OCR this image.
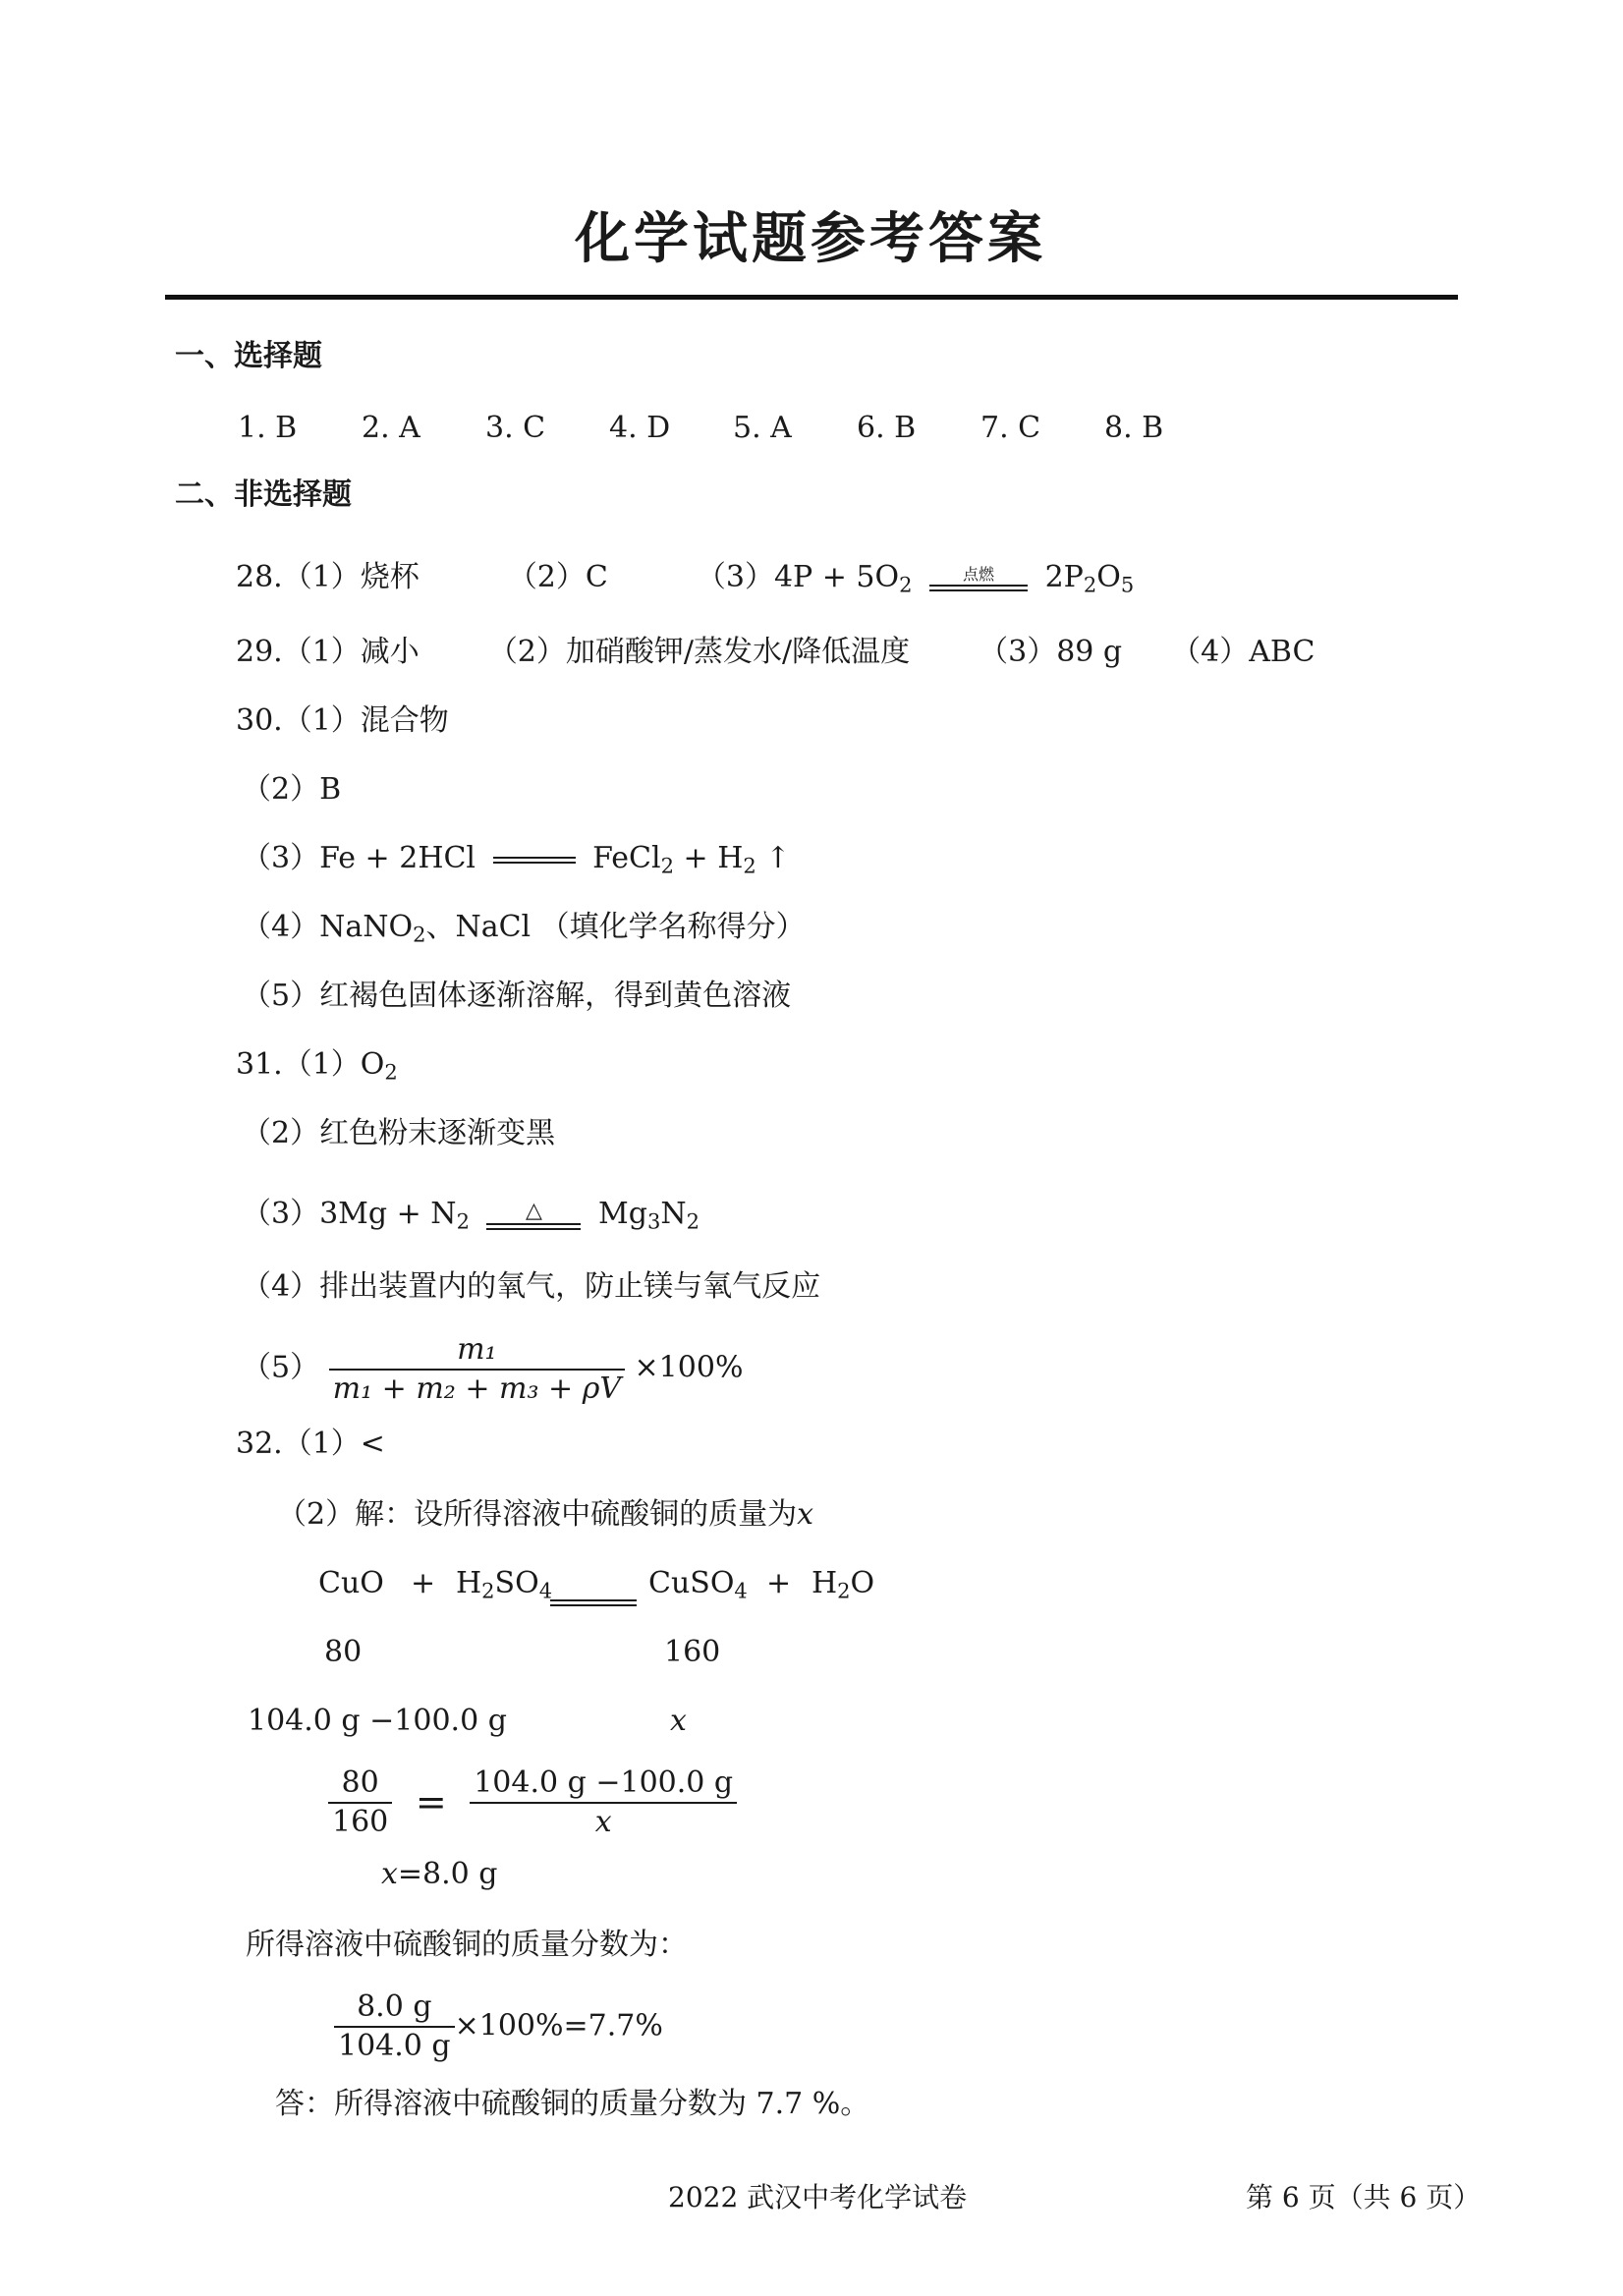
化学试题参考答案
一、选择题
1. B 2. A 3. C 4. D 5. A 6. B 7. C 8. B
二、非选择题
28.（1）烧杯	（2）C	$(3)4P + 5O_2$	点燃	$2P_2O_5$
29.（1）减小 （2）加硝酸钾/蒸发水/降低温度 （3）89 g （4）ABC
30.（1）混合物
（2）B
（3）Fe + 2HCl	FeCl$_2$ + $H_2$ ↑
（4）NaNO$_2$、NaCl （填化学名称得分）
（5）红褐色固体逐渐溶解，得到黄色溶液
$31.(1)O_2$
（2）红色粉末逐渐变黑
$(3)3Mg + N_2$	△	$Mg_3N_2$
（4）排出装置内的氧气，防止镁与氧气反应
$(5) \frac{\text{m₁}}{\text{m₁ + m₂ + m₃ + ρV}} \times 100\%$
32.（1）<
（2）解：设所得溶液中硫酸铜的质量为x
CuO + $H_2SO_4$	CuSO$_4$ + $H_2O$
80	160
104.0 g −100.0 g	x
$\frac{80}{160} = \frac{104.0 g -100.0 g}{x}$
x=8.0 g
所得溶液中硫酸铜的质量分数为：
$\frac{8.0 g}{104.0 g} \times 100\%=7.7\%$
答：所得溶液中硫酸铜的质量分数为 7.7 %。
2022 武汉中考化学试卷	第 6 页（共 6 页）
